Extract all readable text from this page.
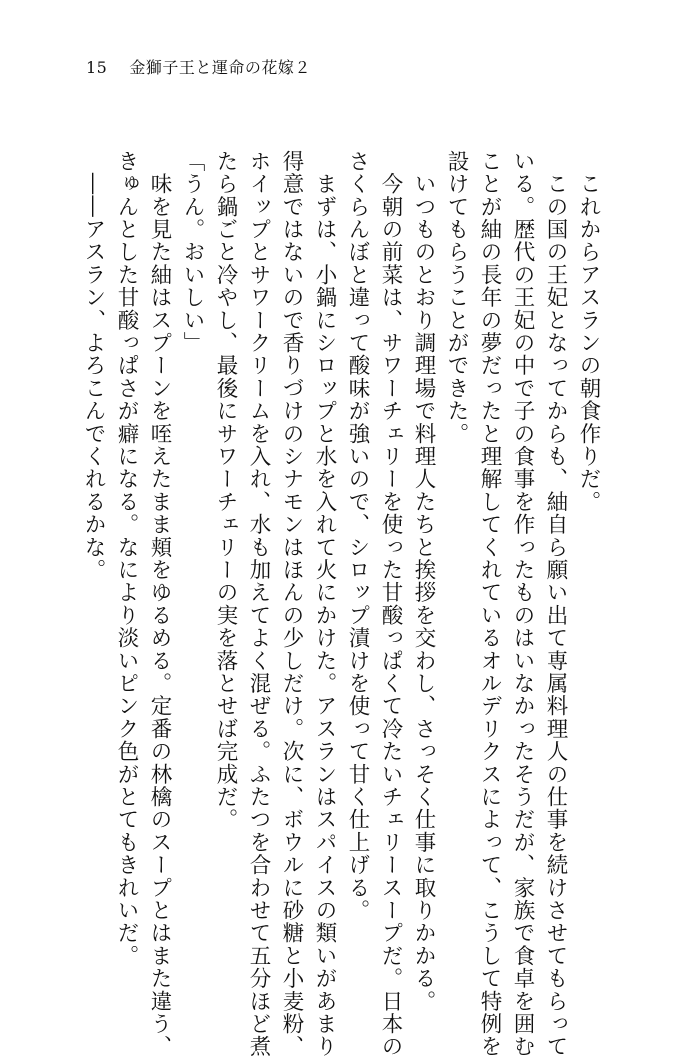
15 金獅子王と運命の花嫁２

　これからアスランの朝食作りだ。

　この国の王妃となってからも、紬自ら願い出て専属料理人の仕事を続けさせてもらって

いる。歴代の王妃の中で子の食事を作ったものはいなかったそうだが、家族で食卓を囲む

ことが紬の長年の夢だったと理解してくれているオルデリクスによって、こうして特例を

設けてもらうことができた。

　いつものとおり調理場で料理人たちと挨拶を交わし、さっそく仕事に取りかかる。

　今朝の前菜は、サワーチェリーを使った甘酸っぱくて冷たいチェリースープだ。日本の

さくらんぼと違って酸味が強いので、シロップ漬けを使って甘く仕上げる。

　まずは、小鍋にシロップと水を入れて火にかけた。アスランはスパイスの類いがあまり

得意ではないので香りづけのシナモンはほんの少しだけ。次に、ボウルに砂糖と小麦粉、

ホイップとサワークリームを入れ、水も加えてよく混ぜる。ふたつを合わせて五分ほど煮

たら鍋ごと冷やし、最後にサワーチェリーの実を落とせば完成だ。

「うん。おいしい」

　味を見た紬はスプーンを咥えたまま頬をゆるめる。定番の林檎のスープとはまた違う、

きゅんとした甘酸っぱさが癖になる。なにより淡いピンク色がとてもきれいだ。

　――アスラン、よろこんでくれるかな。
